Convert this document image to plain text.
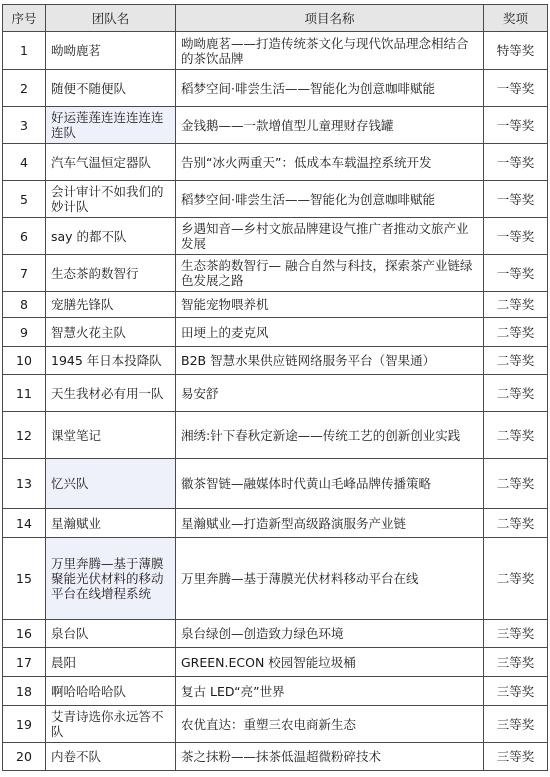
序号	团队名	项目名称	奖项
1	呦呦鹿茗	呦呦鹿茗——打造传统茶文化与现代饮品理念相结合的茶饮品牌	特等奖
2	随便不随便队	稻梦空间·啡尝生活——智能化为创意咖啡赋能	一等奖
3	好运莲莲连连连连连连队	金钱鹅——一款增值型儿童理财存钱罐	一等奖
4	汽车气温恒定器队	告别“冰火两重天”：低成本车载温控系统开发	一等奖
5	会计审计不如我们的妙计队	稻梦空间·啡尝生活——智能化为创意咖啡赋能	一等奖
6	say 的都不队	乡遇知音—乡村文旅品牌建设气推广者推动文旅产业发展	一等奖
7	生态茶韵数智行	生态茶韵数智行— 融合自然与科技，探索茶产业链绿色发展之路	一等奖
8	宠膳先锋队	智能宠物喂养机	二等奖
9	智慧火花主队	田埂上的麦克风	二等奖
10	1945 年日本投降队	B2B 智慧水果供应链网络服务平台（智果通）	二等奖
11	天生我材必有用一队	易安舒	二等奖
12	课堂笔记	湘绣:针下春秋定新途——传统工艺的创新创业实践	二等奖
13	忆兴队	徽茶智链—融媒体时代黄山毛峰品牌传播策略	二等奖
14	星瀚赋业	星瀚赋业—打造新型高级路演服务产业链	二等奖
15	万里奔腾—基于薄膜聚能光伏材料的移动平台在线增程系统	万里奔腾—基于薄膜光伏材料移动平台在线	二等奖
16	泉台队	泉台绿创—创造致力绿色环境	三等奖
17	晨阳	GREEN.ECON 校园智能垃圾桶	三等奖
18	啊哈哈哈哈队	复古 LED“亮”世界	三等奖
19	艾青诗选你永远答不队	农优直达：重塑三农电商新生态	三等奖
20	内卷不队	茶之抹粉——抹茶低温超微粉碎技术	三等奖
